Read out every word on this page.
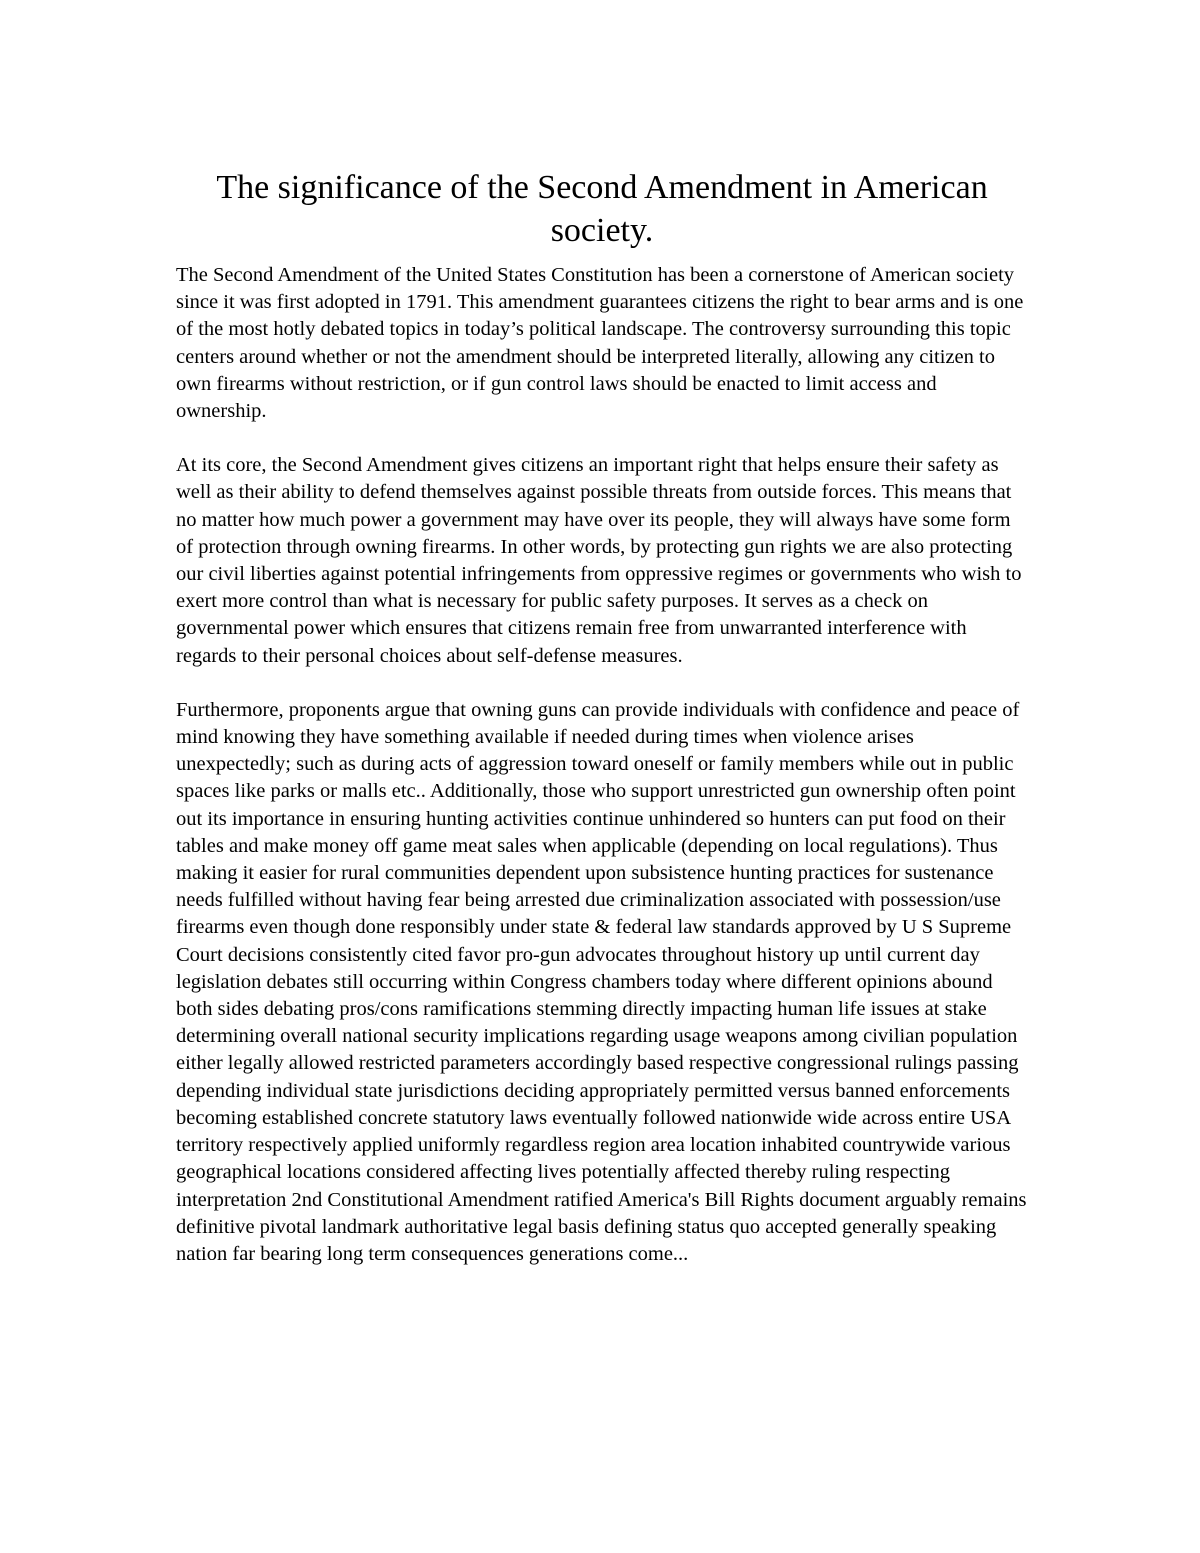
The significance of the Second Amendment in American society.

The Second Amendment of the United States Constitution has been a cornerstone of American society since it was first adopted in 1791. This amendment guarantees citizens the right to bear arms and is one of the most hotly debated topics in today’s political landscape. The controversy surrounding this topic centers around whether or not the amendment should be interpreted literally, allowing any citizen to own firearms without restriction, or if gun control laws should be enacted to limit access and ownership.

At its core, the Second Amendment gives citizens an important right that helps ensure their safety as well as their ability to defend themselves against possible threats from outside forces. This means that no matter how much power a government may have over its people, they will always have some form of protection through owning firearms. In other words, by protecting gun rights we are also protecting our civil liberties against potential infringements from oppressive regimes or governments who wish to exert more control than what is necessary for public safety purposes. It serves as a check on governmental power which ensures that citizens remain free from unwarranted interference with regards to their personal choices about self-defense measures.

Furthermore, proponents argue that owning guns can provide individuals with confidence and peace of mind knowing they have something available if needed during times when violence arises unexpectedly; such as during acts of aggression toward oneself or family members while out in public spaces like parks or malls etc.. Additionally, those who support unrestricted gun ownership often point out its importance in ensuring hunting activities continue unhindered so hunters can put food on their tables and make money off game meat sales when applicable (depending on local regulations). Thus making it easier for rural communities dependent upon subsistence hunting practices for sustenance needs fulfilled without having fear being arrested due criminalization associated with possession/use firearms even though done responsibly under state & federal law standards approved by U S Supreme Court decisions consistently cited favor pro-gun advocates throughout history up until current day legislation debates still occurring within Congress chambers today where different opinions abound both sides debating pros/cons ramifications stemming directly impacting human life issues at stake determining overall national security implications regarding usage weapons among civilian population either legally allowed restricted parameters accordingly based respective congressional rulings passing depending individual state jurisdictions deciding appropriately permitted versus banned enforcements becoming established concrete statutory laws eventually followed nationwide wide across entire USA territory respectively applied uniformly regardless region area location inhabited countrywide various geographical locations considered affecting lives potentially affected thereby ruling respecting interpretation 2nd Constitutional Amendment ratified America's Bill Rights document arguably remains definitive pivotal landmark authoritative legal basis defining status quo accepted generally speaking nation far bearing long term consequences generations come...
